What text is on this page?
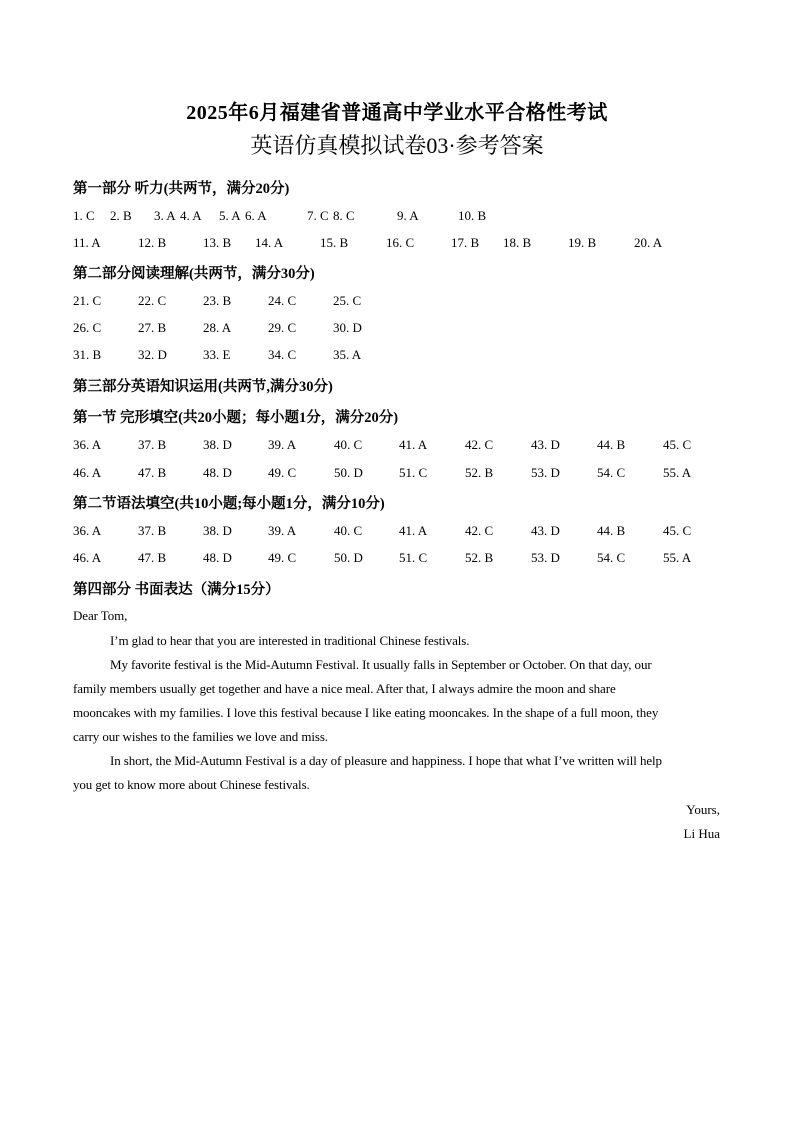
2025年6月福建省普通高中学业水平合格性考试
英语仿真模拟试卷03·参考答案
第一部分 听力(共两节，满分20分)
1. C 2. B 3. A 4. A 5. A 6. A	7. C 8. C	9. A	10. B
11. A	12. B	13. B 14. A	15. B	16. C	17. B 18. B	19. B	20. A
第二部分阅读理解(共两节，满分30分)
21. C	22. C	23. B	24. C	25. C
26. C	27. B	28. A	29. C	30. D
31. B	32. D	33. E	34. C	35. A
第三部分英语知识运用(共两节,满分30分)
第一节 完形填空(共20小题；每小题1分，满分20分)
36. A	37. B	38. D	39. A	40. C	41. A	42. C	43. D	44. B	45. C
46. A	47. B	48. D	49. C	50. D	51. C	52. B	53. D	54. C	55. A
第二节语法填空(共10小题;每小题1分，满分10分)
36. A	37. B	38. D	39. A	40. C	41. A	42. C	43. D	44. B	45. C
46. A	47. B	48. D	49. C	50. D	51. C	52. B	53. D	54. C	55. A
第四部分 书面表达（满分15分）
Dear Tom,
I’m glad to hear that you are interested in traditional Chinese festivals.
My favorite festival is the Mid-Autumn Festival. It usually falls in September or October. On that day, our
family members usually get together and have a nice meal. After that, I always admire the moon and share
mooncakes with my families. I love this festival because I like eating mooncakes. In the shape of a full moon, they
carry our wishes to the families we love and miss.
In short, the Mid-Autumn Festival is a day of pleasure and happiness. I hope that what I’ve written will help
you get to know more about Chinese festivals.
Yours,
Li Hua
